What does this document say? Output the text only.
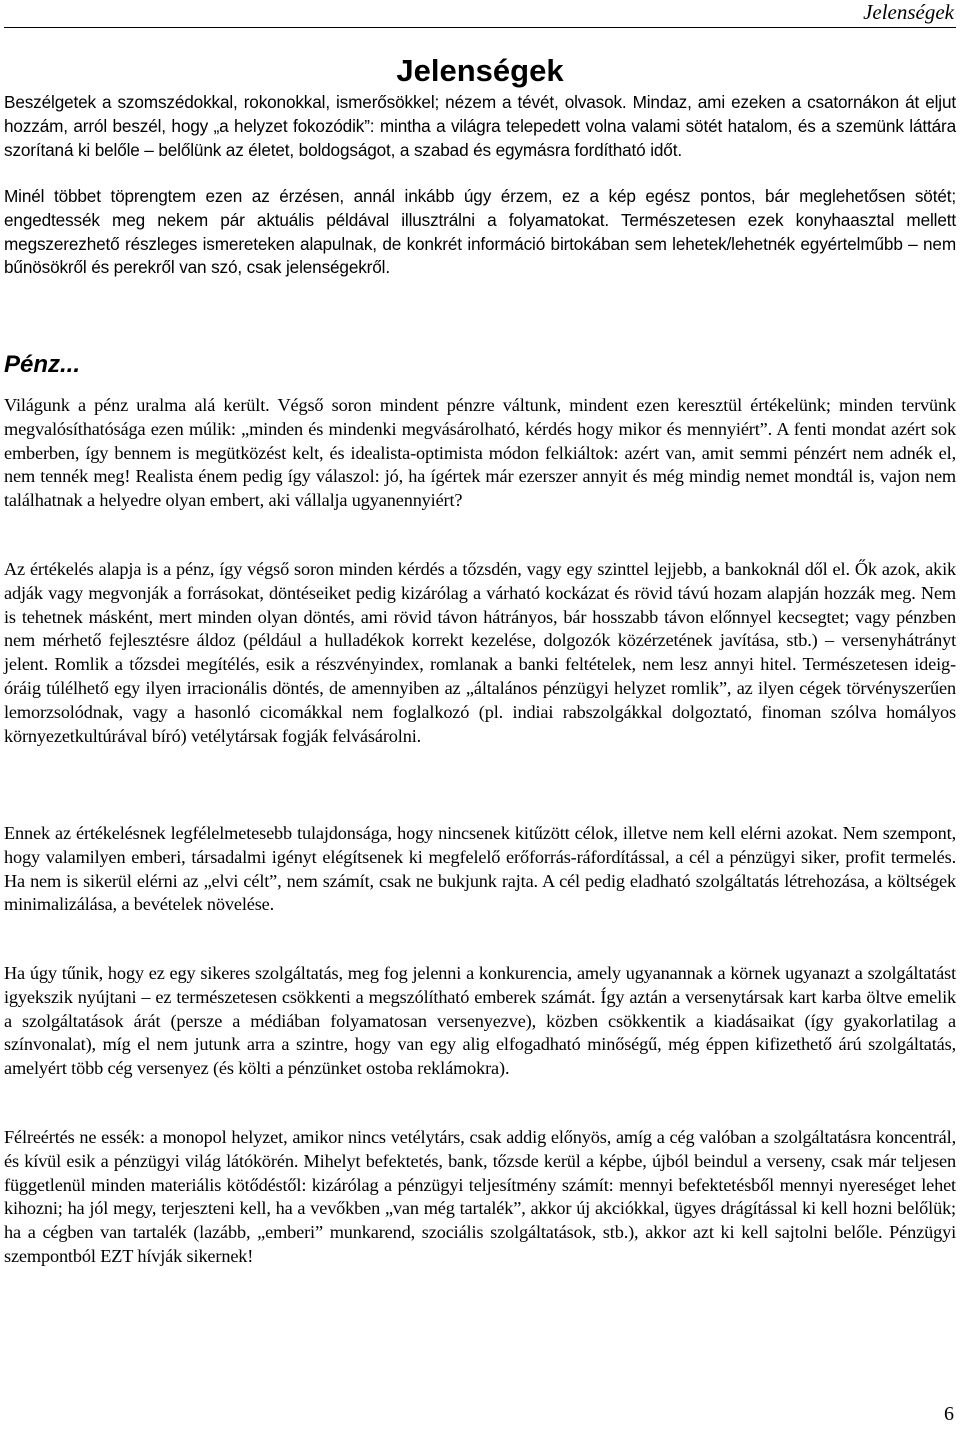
Jelenségek
Jelenségek

Beszélgetek a szomszédokkal, rokonokkal, ismerősökkel; nézem a tévét, olvasok. Mindaz, ami ezeken a csatornákon át eljut hozzám, arról beszél, hogy „a helyzet fokozódik”: mintha a világra telepedett volna valami sötét hatalom, és a szemünk láttára szorítaná ki belőle – belőlünk az életet, boldogságot, a szabad és egymásra fordítható időt.

Minél többet töprengtem ezen az érzésen, annál inkább úgy érzem, ez a kép egész pontos, bár meglehetősen sötét; engedtessék meg nekem pár aktuális példával illusztrálni a folyamatokat. Természetesen ezek konyhaasztal mellett megszerezhető részleges ismereteken alapulnak, de konkrét információ birtokában sem lehetek/lehetnék egyértelműbb – nem bűnösökről és perekről van szó, csak jelenségekről.

Pénz...

Világunk a pénz uralma alá került. Végső soron mindent pénzre váltunk, mindent ezen keresztül értékelünk; minden tervünk megvalósíthatósága ezen múlik: „minden és mindenki megvásárolható, kérdés hogy mikor és mennyiért”. A fenti mondat azért sok emberben, így bennem is megütközést kelt, és idealista-optimista módon felkiáltok: azért van, amit semmi pénzért nem adnék el, nem tennék meg! Realista énem pedig így válaszol: jó, ha ígértek már ezerszer annyit és még mindig nemet mondtál is, vajon nem találhatnak a helyedre olyan embert, aki vállalja ugyanennyiért?

Az értékelés alapja is a pénz, így végső soron minden kérdés a tőzsdén, vagy egy szinttel lejjebb, a bankoknál dől el. Ők azok, akik adják vagy megvonják a forrásokat, döntéseiket pedig kizárólag a várható kockázat és rövid távú hozam alapján hozzák meg. Nem is tehetnek másként, mert minden olyan döntés, ami rövid távon hátrányos, bár hosszabb távon előnnyel kecsegtet; vagy pénzben nem mérhető fejlesztésre áldoz (például a hulladékok korrekt kezelése, dolgozók közérzetének javítása, stb.) – versenyhátrányt jelent. Romlik a tőzsdei megítélés, esik a részvényindex, romlanak a banki feltételek, nem lesz annyi hitel. Természetesen ideig-óráig túlélhető egy ilyen irracionális döntés, de amennyiben az „általános pénzügyi helyzet romlik”, az ilyen cégek törvényszerűen lemorzsolódnak, vagy a hasonló cicomákkal nem foglalkozó (pl. indiai rabszolgákkal dolgoztató, finoman szólva homályos környezetkultúrával bíró) vetélytársak fogják felvásárolni.

Ennek az értékelésnek legfélelmetesebb tulajdonsága, hogy nincsenek kitűzött célok, illetve nem kell elérni azokat. Nem szempont, hogy valamilyen emberi, társadalmi igényt elégítsenek ki megfelelő erőforrás-ráfordítással, a cél a pénzügyi siker, profit termelés. Ha nem is sikerül elérni az „elvi célt”, nem számít, csak ne bukjunk rajta. A cél pedig eladható szolgáltatás létrehozása, a költségek minimalizálása, a bevételek növelése.

Ha úgy tűnik, hogy ez egy sikeres szolgáltatás, meg fog jelenni a konkurencia, amely ugyanannak a körnek ugyanazt a szolgáltatást igyekszik nyújtani – ez természetesen csökkenti a megszólítható emberek számát. Így aztán a versenytársak kart karba öltve emelik a szolgáltatások árát (persze a médiában folyamatosan versenyezve), közben csökkentik a kiadásaikat (így gyakorlatilag a színvonalat), míg el nem jutunk arra a szintre, hogy van egy alig elfogadható minőségű, még éppen kifizethető árú szolgáltatás, amelyért több cég versenyez (és költi a pénzünket ostoba reklámokra).

Félreértés ne essék: a monopol helyzet, amikor nincs vetélytárs, csak addig előnyös, amíg a cég valóban a szolgáltatásra koncentrál, és kívül esik a pénzügyi világ látókörén. Mihelyt befektetés, bank, tőzsde kerül a képbe, újból beindul a verseny, csak már teljesen függetlenül minden materiális kötődéstől: kizárólag a pénzügyi teljesítmény számít: mennyi befektetésből mennyi nyereséget lehet kihozni; ha jól megy, terjeszteni kell, ha a vevőkben „van még tartalék”, akkor új akciókkal, ügyes drágítással ki kell hozni belőlük; ha a cégben van tartalék (lazább, „emberi” munkarend, szociális szolgáltatások, stb.), akkor azt ki kell sajtolni belőle. Pénzügyi szempontból EZT hívják sikernek!

6
